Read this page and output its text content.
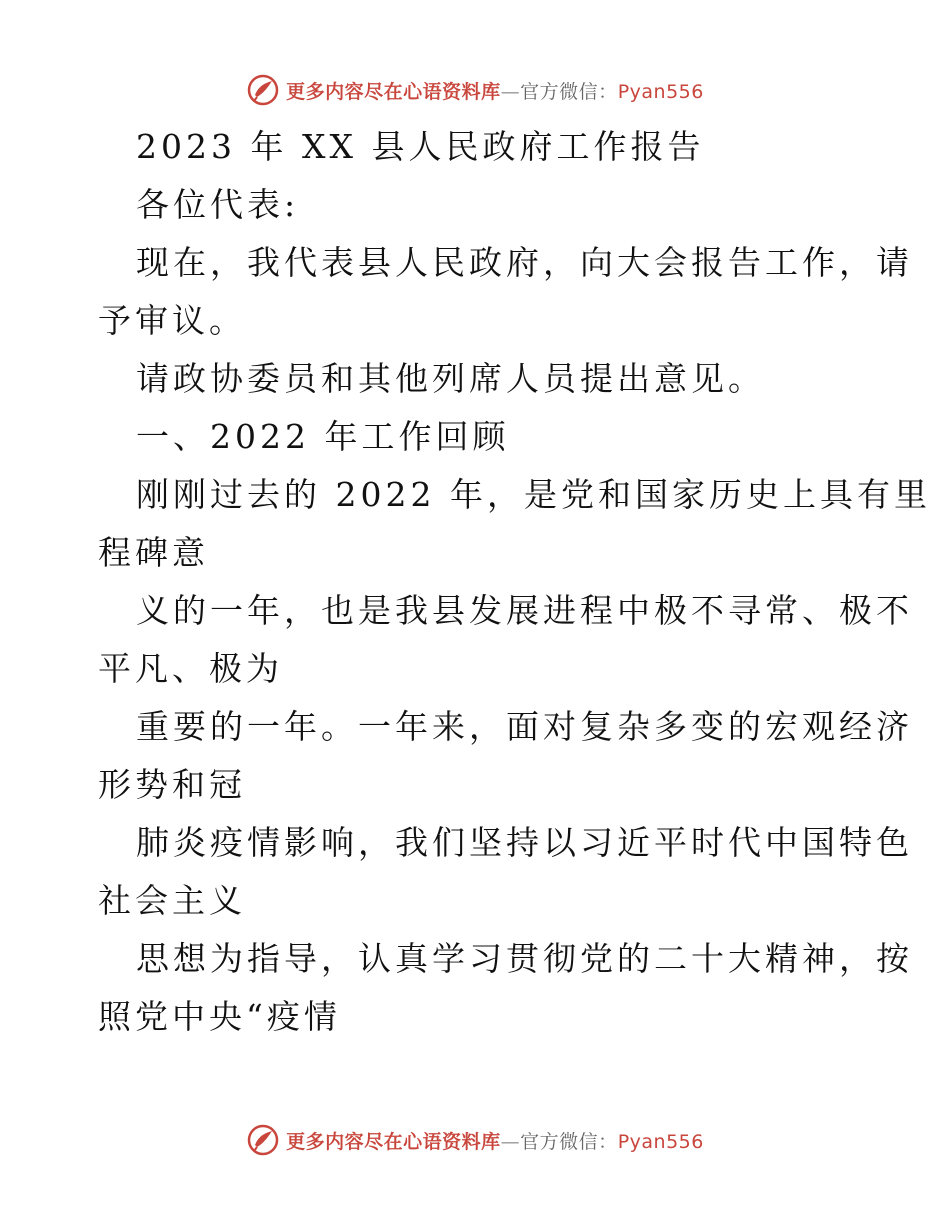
更多内容尽在心语资料库—官方微信：Pyan556
2023 年 XX 县人民政府工作报告
各位代表:
现在，我代表县人民政府，向大会报告工作，请
予审议。
请政协委员和其他列席人员提出意见。
一、2022 年工作回顾
刚刚过去的 2022 年，是党和国家历史上具有里
程碑意
义的一年，也是我县发展进程中极不寻常、极不
平凡、极为
重要的一年。一年来，面对复杂多变的宏观经济
形势和冠
肺炎疫情影响，我们坚持以习近平时代中国特色
社会主义
思想为指导，认真学习贯彻党的二十大精神，按
照党中央“疫情
更多内容尽在心语资料库—官方微信：Pyan556
